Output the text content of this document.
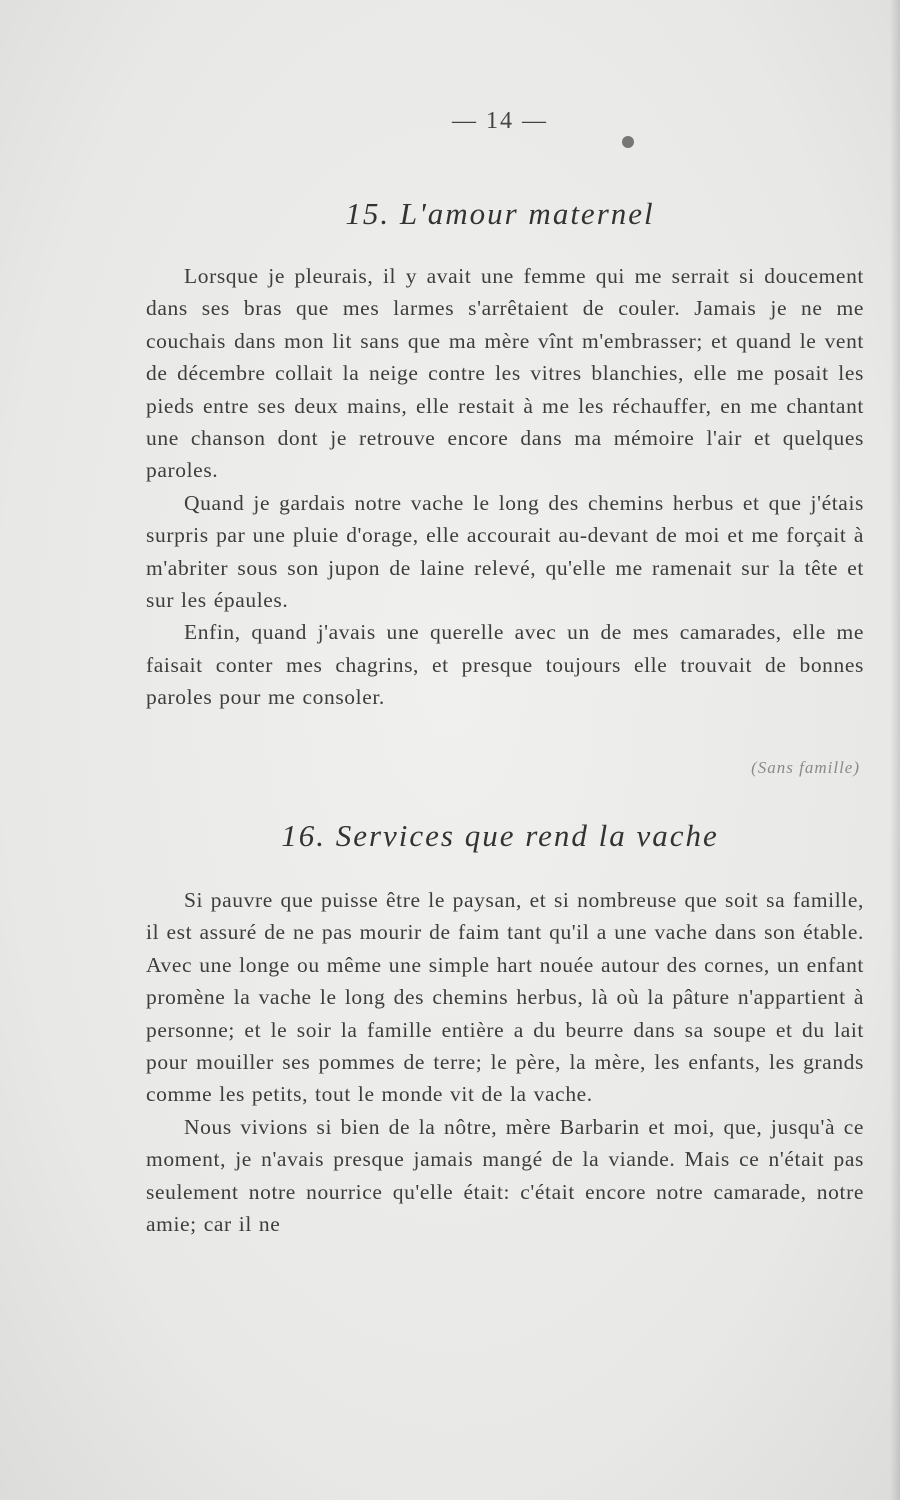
— 14 —
15. L'amour maternel

Lorsque je pleurais, il y avait une femme qui me serrait si doucement dans ses bras que mes larmes s'arrêtaient de couler. Jamais je ne me couchais dans mon lit sans que ma mère vînt m'embrasser; et quand le vent de décembre collait la neige contre les vitres blanchies, elle me posait les pieds entre ses deux mains, elle restait à me les réchauffer, en me chantant une chanson dont je retrouve encore dans ma mémoire l'air et quelques paroles.

Quand je gardais notre vache le long des chemins herbus et que j'étais surpris par une pluie d'orage, elle accourait au-devant de moi et me forçait à m'abriter sous son jupon de laine relevé, qu'elle me ramenait sur la tête et sur les épaules.

Enfin, quand j'avais une querelle avec un de mes camarades, elle me faisait conter mes chagrins, et presque toujours elle trouvait de bonnes paroles pour me consoler.

(Sans famille)
16. Services que rend la vache

Si pauvre que puisse être le paysan, et si nombreuse que soit sa famille, il est assuré de ne pas mourir de faim tant qu'il a une vache dans son étable. Avec une longe ou même une simple hart nouée autour des cornes, un enfant promène la vache le long des chemins herbus, là où la pâture n'appartient à personne; et le soir la famille entière a du beurre dans sa soupe et du lait pour mouiller ses pommes de terre; le père, la mère, les enfants, les grands comme les petits, tout le monde vit de la vache.

Nous vivions si bien de la nôtre, mère Barbarin et moi, que, jusqu'à ce moment, je n'avais presque jamais mangé de la viande. Mais ce n'était pas seulement notre nourrice qu'elle était: c'était encore notre camarade, notre amie; car il ne
